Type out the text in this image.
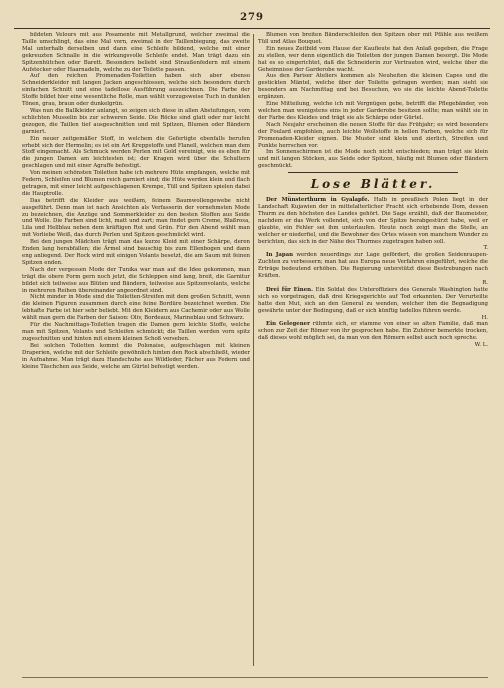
279

bildeten Velours mit aus Posamente mit Metallgrund, welcher zweimal die Taille umschlingt, das eine Mal vorn, zweimal in der Taillenbiegung, das zweite Mal unterhalb derselben und dann eine Schleife bildend, welche mit einer gekreuzten Schnalle in die wirkungsvolle Schleife endet. Man trägt dazu ein Spitzenhütchen oder Barett. Besonders beliebt sind Straußenfedern mit einem Aufstecker oder Haarnadeln, welche zu der Toilette passen.

Auf den reichen Promenaden-Toiletten haben sich aber ebenso Schneiderkleider mit langen Jacken angeschlossen, welche sich besonders durch einfachen Schnitt und eine tadellose Ausführung auszeichnen. Die Farbe der Stoffe bildet hier eine wesentliche Rolle, man wählt vorzugsweise Tuch in dunklen Tönen, grau, braun oder dunkelgrün.

Was nun die Ballkleider anlangt, so zeigen sich diese in allen Abstufungen, vom schlichten Musselin bis zur schweren Seide. Die Röcke sind glatt oder nur leicht gezogen, die Taillen tief ausgeschnitten und mit Spitzen, Blumen oder Bändern garniert.

Ein neuer zeitgemäßer Stoff, in welchem die Gefertigte ebenfalls berufen erhebt sich der Hermelin; es ist ein Art Kreppstoffe und Flanell, welchen man dem Stoff eingemacht. Als Schmuck werden Perlen mit Gold vereinigt, wie es eben für die jungen Damen am leichtesten ist; der Kragen wird über die Schultern geschlagen und mit einer Agraffe befestigt.

Von meinen schönsten Toiletten habe ich mehrere Hüte empfangen, welche mit Federn, Schleifen und Blumen reich garniert sind; die Hüte werden klein und flach getragen, mit einer leicht aufgeschlagenen Krempe, Tüll und Spitzen spielen dabei die Hauptrolle.

Das betrifft die Kleider aus weißem, feinem Baumwollengewebe nicht ausgeführt. Denn man ist nach Ansichten als Verfasserin der vornehmsten Mode zu bezeichnen, die Anzüge und Sommerkleider zu den besten Stoffen aus Seide und Wolle. Die Farben sind licht, matt und zart; man findet gern Creme, Blaßrosa, Lila und Hellblau neben dem kräftigen Rot und Grün. Für den Abend wählt man mit Vorliebe Weiß, das durch Perlen und Spitzen geschmückt wird.

Bei den jungen Mädchen trägt man das kurze Kleid mit einer Schärpe, deren Enden lang herabfallen; die Ärmel sind bauschig bis zum Ellenbogen und dann eng anliegend. Der Rock wird mit einigen Volants besetzt, die am Saum mit feinen Spitzen enden.

Nach der vergessen Mode der Tunika war man auf die Idee gekommen, man trägt die obere Form gern noch jetzt, die Schleppen sind lang, breit, die Garnitur bildet sich teilweise aus Blüten und Bändern, teilweise aus Spitzenvolants, welche in mehreren Reihen übereinander angeordnet sind.

Nicht minder in Mode sind die Toiletten-Streifen mit dem großen Schnitt, wenn die kleinen Figuren zusammen durch eine feine Bordüre bezeichnet werden. Die lebhafte Farbe ist hier sehr beliebt. Mit den Kleidern aus Cachemir oder aus Wolle wählt man gern die Farben der Saison: Oliv, Bordeaux, Marineblau und Schwarz.

Für die Nachmittags-Toiletten tragen die Damen gern leichte Stoffe, welche man mit Spitzen, Volants und Schleifen schmückt; die Taillen werden vorn spitz zugeschnitten und hinten mit einem kleinen Schoß versehen.

Bei solchen Toiletten kommt die Polonaise, aufgeschlagen mit kleinen Draperien, welche mit der Schleife gewöhnlich hinten den Rock abschließt, wieder in Aufnahme. Man trägt dazu Handschuhe aus Wildleder, Fächer aus Federn und kleine Täschchen aus Seide, welche am Gürtel befestigt werden.

Blumen von breiten Bänderschleifen den Spitzen ober mit Pfähle aus weißem Tüll und Atlas Bouquet.

Ein neues Zeitbild vom Hause der Kaufleute hat den Anlaß gegeben, die Frage zu stellen, wer denn eigentlich die Toiletten der jungen Damen besorgt. Die Mode hat es so eingerichtet, daß die Schneiderin zur Vertrauten wird, welche über die Geheimnisse der Garderobe wacht.

Aus den Pariser Ateliers kommen als Neuheiten die kleinen Capes und die gestickten Mäntel, welche über der Toilette getragen werden; man sieht sie besonders am Nachmittag und bei Besuchen, wo sie die leichte Abend-Toilette ergänzen.

Eine Mitteilung, welche ich mit Vergnügen gebe, betrifft die Pflegebänder, von welchen man wenigstens eins in jeder Garderobe besitzen sollte; man wählt sie in der Farbe des Kleides und trägt sie als Schärpe oder Gürtel.

Nach Neujahr erscheinen die neuen Stoffe für das Frühjahr; es wird besonders der Foulard empfohlen, auch leichte Wollstoffe in hellen Farben, welche sich für Promenaden-Kleider eignen. Die Muster sind klein und zierlich, Streifen und Punkte herrschen vor.

Im Sonnenschirmen ist die Mode noch nicht entschieden; man trägt sie klein und mit langen Stöcken, aus Seide oder Spitzen, häufig mit Blumen oder Bändern geschmückt.

Lose Blätter.

Der Münsterthurm in Gyalapfe. Halb in preußisch Polen liegt in der Landschaft Kujawien der in mittelalterlicher Pracht sich erhebende Dom, dessen Thurm zu den höchsten des Landes gehört. Die Sage erzählt, daß der Baumeister, nachdem er das Werk vollendet, sich von der Spitze herabgestürzt habe, weil er glaubte, ein Fehler sei ihm unterlaufen. Heute noch zeigt man die Stelle, an welcher er niederfiel, und die Bewohner des Ortes wissen von manchem Wunder zu berichten, das sich in der Nähe des Thurmes zugetragen haben soll.

T.

In Japan werden neuerdings zur Lage gefördert, die großen Seidenraupen-Zuchten zu verbessern; man hat aus Europa neue Verfahren eingeführt, welche die Erträge bedeutend erhöhen. Die Regierung unterstützt diese Bestrebungen nach Kräften.

R.

Drei für Einen. Ein Soldat des Unteroffiziers des Generals Washington hatte sich so vorgetragen, daß drei Kriegsgerichte auf Tod erkannten. Der Verurteilte hatte den Mut, sich an den General zu wenden, welcher ihm die Begnadigung gewährte unter der Bedingung, daß er sich künftig tadellos führen werde.

H.

Ein Gelegener rühmte sich, er stamme von einer so alten Familie, daß man schon zur Zeit der Römer von ihr gesprochen habe. Ein Zuhörer bemerkte trocken, daß dieses wohl möglich sei, da man von den Römern selbst auch noch spreche.

W. L.
